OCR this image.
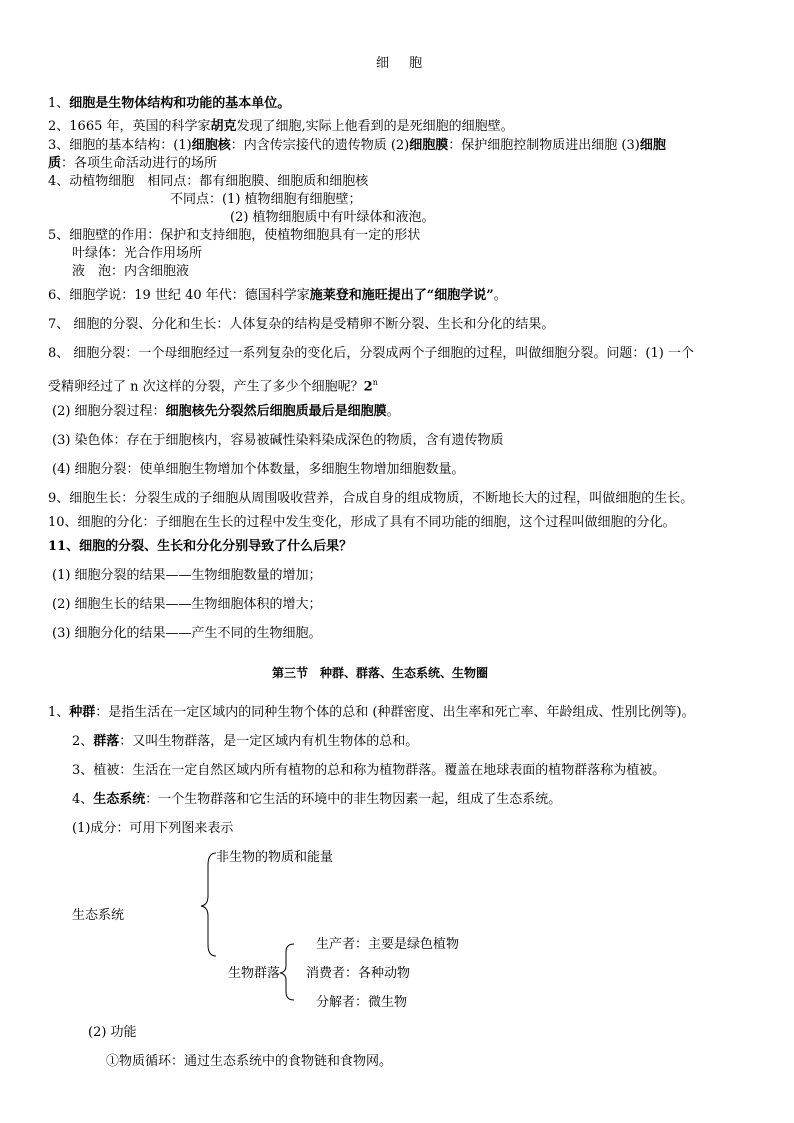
细 胞
1、细胞是生物体结构和功能的基本单位。
2、1665 年，英国的科学家胡克发现了细胞,实际上他看到的是死细胞的细胞壁。
3、细胞的基本结构：(1)细胞核：内含传宗接代的遗传物质 (2)细胞膜：保护细胞控制物质进出细胞 (3)细胞
质：各项生命活动进行的场所
4、动植物细胞　相同点：都有细胞膜、细胞质和细胞核
不同点：(1) 植物细胞有细胞壁；
(2) 植物细胞质中有叶绿体和液泡。
5、细胞壁的作用：保护和支持细胞，使植物细胞具有一定的形状
叶绿体：光合作用场所
液　泡：内含细胞液
6、细胞学说：19 世纪 40 年代：德国科学家施莱登和施旺提出了“细胞学说”。
7、 细胞的分裂、分化和生长：人体复杂的结构是受精卵不断分裂、生长和分化的结果。
8、 细胞分裂：一个母细胞经过一系列复杂的变化后，分裂成两个子细胞的过程，叫做细胞分裂。问题：(1) 一个
受精卵经过了 n 次这样的分裂，产生了多少个细胞呢？2$^n$
(2) 细胞分裂过程：细胞核先分裂然后细胞质最后是细胞膜。
(3) 染色体：存在于细胞核内，容易被碱性染料染成深色的物质，含有遗传物质
(4) 细胞分裂：使单细胞生物增加个体数量，多细胞生物增加细胞数量。
9、细胞生长：分裂生成的子细胞从周围吸收营养，合成自身的组成物质，不断地长大的过程，叫做细胞的生长。
10、细胞的分化：子细胞在生长的过程中发生变化，形成了具有不同功能的细胞，这个过程叫做细胞的分化。
11、细胞的分裂、生长和分化分别导致了什么后果？
(1) 细胞分裂的结果——生物细胞数量的增加；
(2) 细胞生长的结果——生物细胞体积的增大；
(3) 细胞分化的结果——产生不同的生物细胞。
第三节　种群、群落、生态系统、生物圈
1、种群：是指生活在一定区域内的同种生物个体的总和 (种群密度、出生率和死亡率、年龄组成、性别比例等)。
2、群落：又叫生物群落，是一定区域内有机生物体的总和。
3、植被：生活在一定自然区域内所有植物的总和称为植物群落。覆盖在地球表面的植物群落称为植被。
4、生态系统：一个生物群落和它生活的环境中的非生物因素一起，组成了生态系统。
(1)成分：可用下列图来表示
非生物的物质和能量
生态系统
生产者：主要是绿色植物
生物群落 消费者：各种动物
分解者：微生物
(2) 功能
①物质循环：通过生态系统中的食物链和食物网。
